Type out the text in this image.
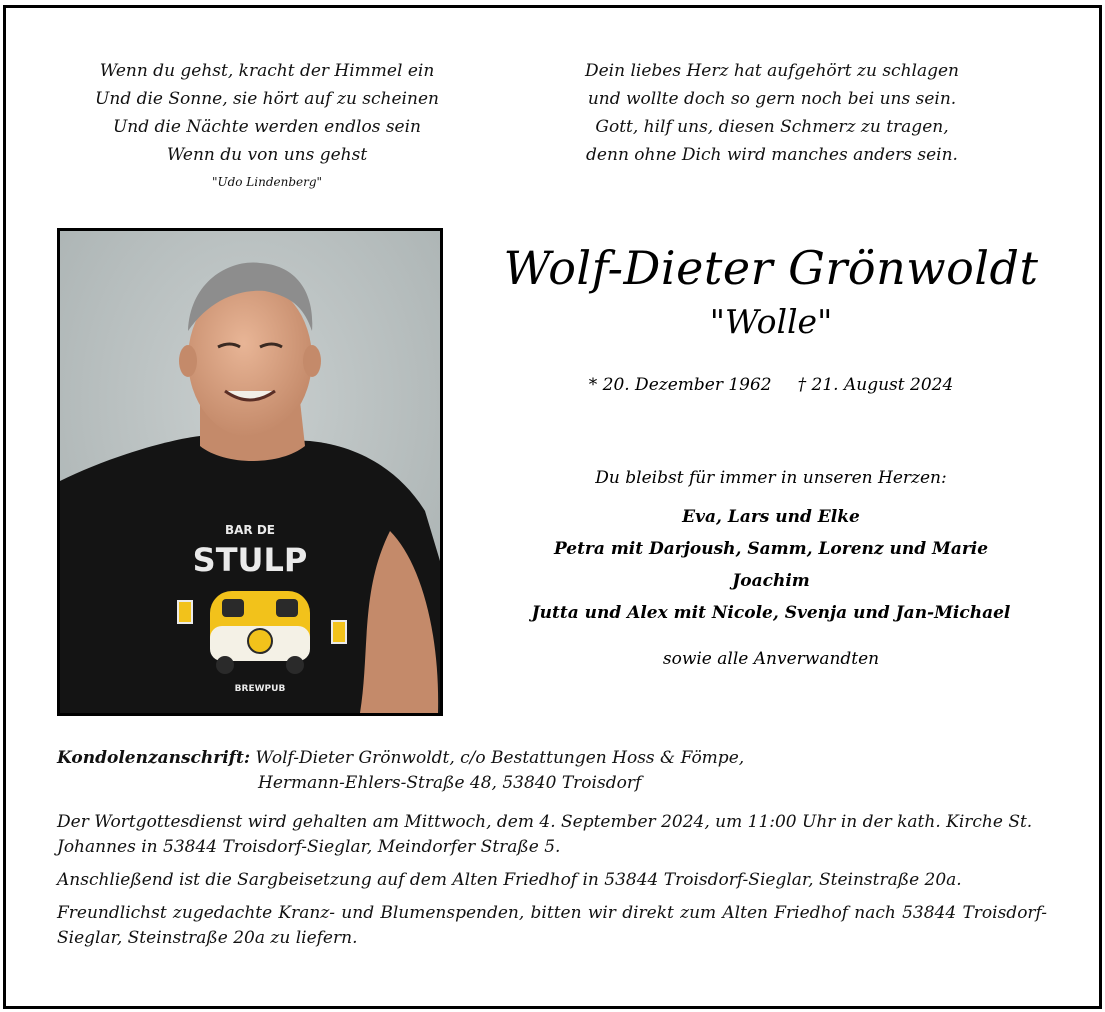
Wenn du gehst, kracht der Himmel ein
Und die Sonne, sie hört auf zu scheinen
Und die Nächte werden endlos sein
Wenn du von uns gehst
"Udo Lindenberg"
Dein liebes Herz hat aufgehört zu schlagen
und wollte doch so gern noch bei uns sein.
Gott, hilf uns, diesen Schmerz zu tragen,
denn ohne Dich wird manches anders sein.
BAR DE
STULP
BREWPUB
Wolf-Dieter Grönwoldt
"Wolle"
* 20. Dezember 1962 † 21. August 2024
Du bleibst für immer in unseren Herzen:
Eva, Lars und Elke
Petra mit Darjoush, Samm, Lorenz und Marie
Joachim
Jutta und Alex mit Nicole, Svenja und Jan-Michael
sowie alle Anverwandten
Kondolenzanschrift: Wolf-Dieter Grönwoldt, c/o Bestattungen Hoss & Fömpe,
Hermann-Ehlers-Straße 48, 53840 Troisdorf
Der Wortgottesdienst wird gehalten am Mittwoch, dem 4. September 2024, um 11:00 Uhr in der kath. Kirche St. Johannes in 53844 Troisdorf-Sieglar, Meindorfer Straße 5.
Anschließend ist die Sargbeisetzung auf dem Alten Friedhof in 53844 Troisdorf-Sieglar, Steinstraße 20a.
Freundlichst zugedachte Kranz- und Blumenspenden, bitten wir direkt zum Alten Friedhof nach 53844 Troisdorf-Sieglar, Steinstraße 20a zu liefern.
